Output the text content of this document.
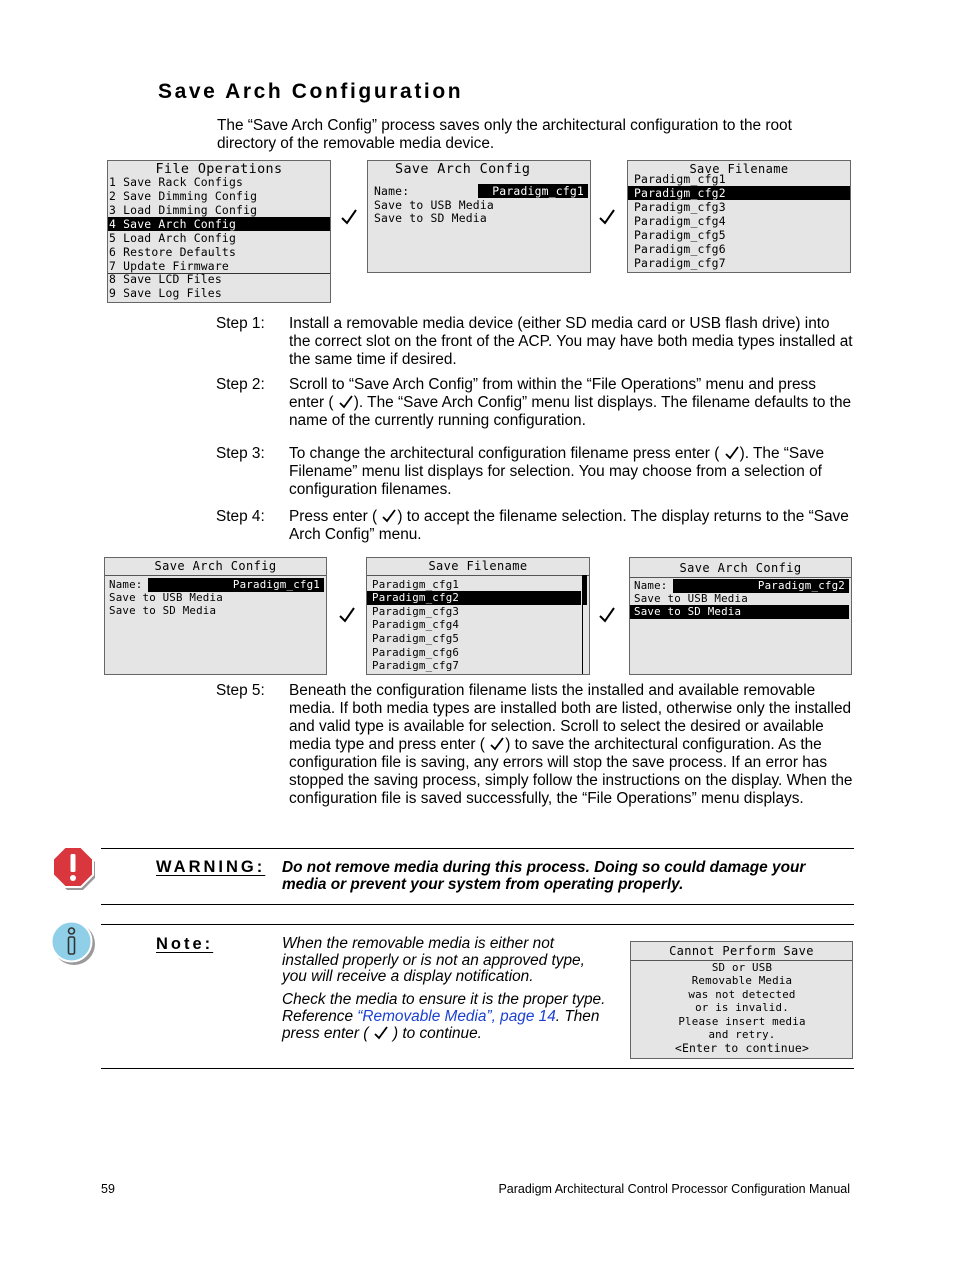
Save Arch Configuration
The “Save Arch Config” process saves only the architectural configuration to the root directory of the removable media device.
File Operations
1 Save Rack Configs
2 Save Dimming Config
3 Load Dimming Config
4 Save Arch Config
5 Load Arch Config
6 Restore Defaults
7 Update Firmware
8 Save LCD Files
9 Save Log Files
Save Arch Config
Name:	Paradigm_cfg1
Save to USB Media
Save to SD Media
Save Filename
Paradigm_cfg1
Paradigm_cfg2
Paradigm_cfg3
Paradigm_cfg4
Paradigm_cfg5
Paradigm_cfg6
Paradigm_cfg7
Step 1: Install a removable media device (either SD media card or USB flash drive) into the correct slot on the front of the ACP. You may have both media types installed at the same time if desired.
Step 2: Scroll to “Save Arch Config” from within the “File Operations” menu and press enter ( ). The “Save Arch Config” menu list displays. The filename defaults to the name of the currently running configuration.
Step 3: To change the architectural configuration filename press enter ( ). The “Save Filename” menu list displays for selection. You may choose from a selection of configuration filenames.
Step 4: Press enter ( ) to accept the filename selection. The display returns to the “Save Arch Config” menu.
Save Arch Config
Name:	Paradigm_cfg1
Save to USB Media
Save to SD Media
Save Filename
Paradigm_cfg1
Paradigm_cfg2
Paradigm_cfg3
Paradigm_cfg4
Paradigm_cfg5
Paradigm_cfg6
Paradigm_cfg7
Save Arch Config
Name:	Paradigm_cfg2
Save to USB Media
Save to SD Media
Step 5: Beneath the configuration filename lists the installed and available removable media. If both media types are installed both are listed, otherwise only the installed and valid type is available for selection. Scroll to select the desired or available media type and press enter ( ) to save the architectural configuration. As the configuration file is saving, any errors will stop the save process. If an error has stopped the saving process, simply follow the instructions on the display. When the configuration file is saved successfully, the “File Operations” menu displays.
WARNING: Do not remove media during this process. Doing so could damage your media or prevent your system from operating properly.
Note:	When the removable media is either not installed properly or is not an approved type, you will receive a display notification.
Check the media to ensure it is the proper type. Reference “Removable Media”, page 14. Then press enter ( ) to continue.
Cannot Perform Save
SD or USB
Removable Media
was not detected
or is invalid.
Please insert media
and retry.
<Enter to continue>
59	Paradigm Architectural Control Processor Configuration Manual
